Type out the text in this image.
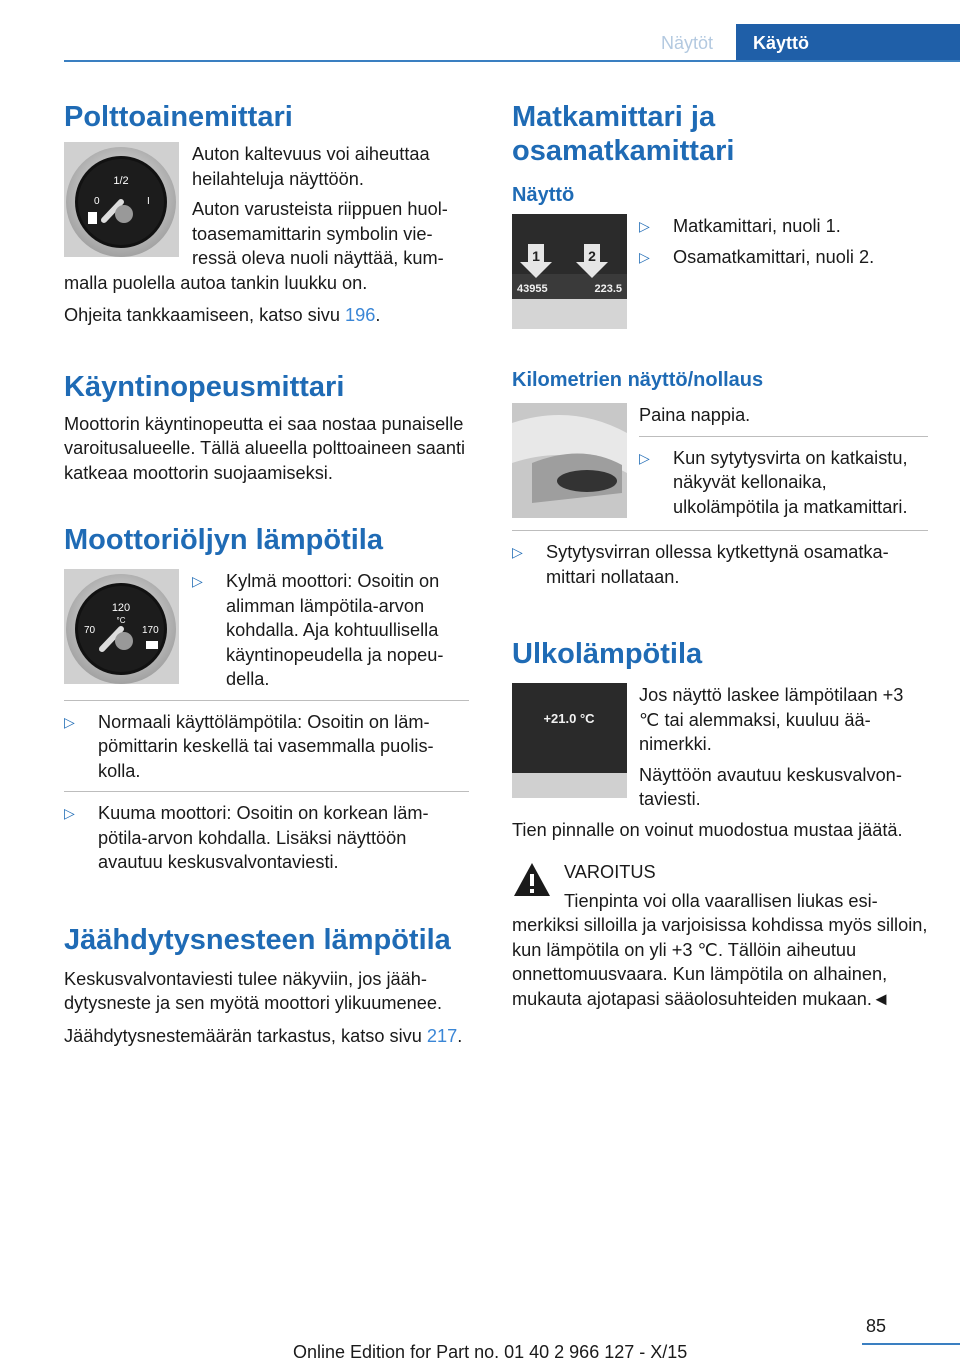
Näytöt	Käyttö
Polttoainemittari
1/2
0	I

Auton kaltevuus voi aiheuttaa heilahteluja näyttöön.

Auton varusteista riippuen huoltoasemamittarin symbolin vieressä oleva nuoli näyttää, kummalla puolella autoa tankin luukku on.

Ohjeita tankkaamiseen, katso sivu 196.

Käyntinopeusmittari

Moottorin käyntinopeutta ei saa nostaa punaiselle varoitusalueelle. Tällä alueella polttoaineen saanti katkeaa moottorin suojaamiseksi.

Moottoriöljyn lämpötila
120
°C
70	170
▷ Kylmä moottori: Osoitin on alimman lämpötila-arvon kohdalla. Aja kohtuullisella käyntinopeudella ja nopeudella.
▷ Normaali käyttölämpötila: Osoitin on lämpömittarin keskellä tai vasemmalla puoliskolla.
▷ Kuuma moottori: Osoitin on korkean lämpötila-arvon kohdalla. Lisäksi näyttöön avautuu keskusvalvontaviesti.
Jäähdytysnesteen lämpötila

Keskusvalvontaviesti tulee näkyviin, jos jäähdytysneste ja sen myötä moottori ylikuumenee.

Jäähdytysnestemäärän tarkastus, katso sivu 217.

Matkamittari ja osamatkamittari
Näyttö
1	2
43955	223.5
▷ Matkamittari, nuoli 1.
▷ Osamatkamittari, nuoli 2.
Kilometrien näyttö/nollaus

Paina nappia.

▷ Kun sytytysvirta on katkaistu, näkyvät kellonaika, ulkolämpötila ja matkamittari.
▷ Sytytysvirran ollessa kytkettynä osamatkamittari nollataan.
Ulkolämpötila
+21.0 °C

Jos näyttö laskee lämpötilaan +3 ℃ tai alemmaksi, kuuluu äänimerkki.

Näyttöön avautuu keskusvalvontaviesti.

Tien pinnalle on voinut muodostua mustaa jäätä.

VAROITUS

Tienpinta voi olla vaarallisen liukas esimerkiksi silloilla ja varjoisissa kohdissa myös silloin, kun lämpötila on yli +3 ℃. Tällöin aiheutuu onnettomuusvaara. Kun lämpötila on alhainen, mukauta ajotapasi sääolosuhteiden mukaan.◄

85
Online Edition for Part no. 01 40 2 966 127 - X/15
